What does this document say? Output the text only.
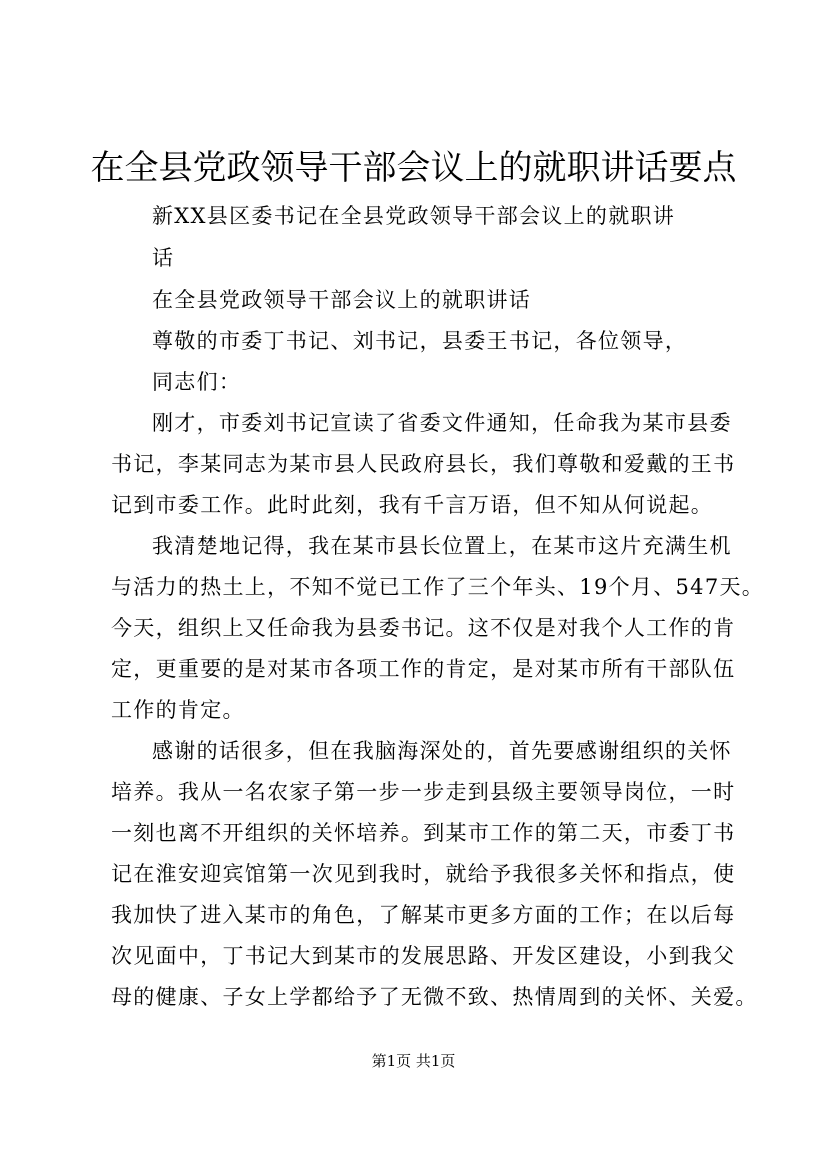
在全县党政领导干部会议上的就职讲话要点
新XX县区委书记在全县党政领导干部会议上的就职讲
话
在全县党政领导干部会议上的就职讲话
尊敬的市委丁书记、刘书记，县委王书记，各位领导，
同志们：
刚才，市委刘书记宣读了省委文件通知，任命我为某市县委
书记，李某同志为某市县人民政府县长，我们尊敬和爱戴的王书
记到市委工作。此时此刻，我有千言万语，但不知从何说起。
我清楚地记得，我在某市县长位置上，在某市这片充满生机
与活力的热土上，不知不觉已工作了三个年头、19个月、547天。
今天，组织上又任命我为县委书记。这不仅是对我个人工作的肯
定，更重要的是对某市各项工作的肯定，是对某市所有干部队伍
工作的肯定。
感谢的话很多，但在我脑海深处的，首先要感谢组织的关怀
培养。我从一名农家子第一步一步走到县级主要领导岗位，一时
一刻也离不开组织的关怀培养。到某市工作的第二天，市委丁书
记在淮安迎宾馆第一次见到我时，就给予我很多关怀和指点，使
我加快了进入某市的角色，了解某市更多方面的工作；在以后每
次见面中，丁书记大到某市的发展思路、开发区建设，小到我父
母的健康、子女上学都给予了无微不致、热情周到的关怀、关爱。
第1页 共1页
